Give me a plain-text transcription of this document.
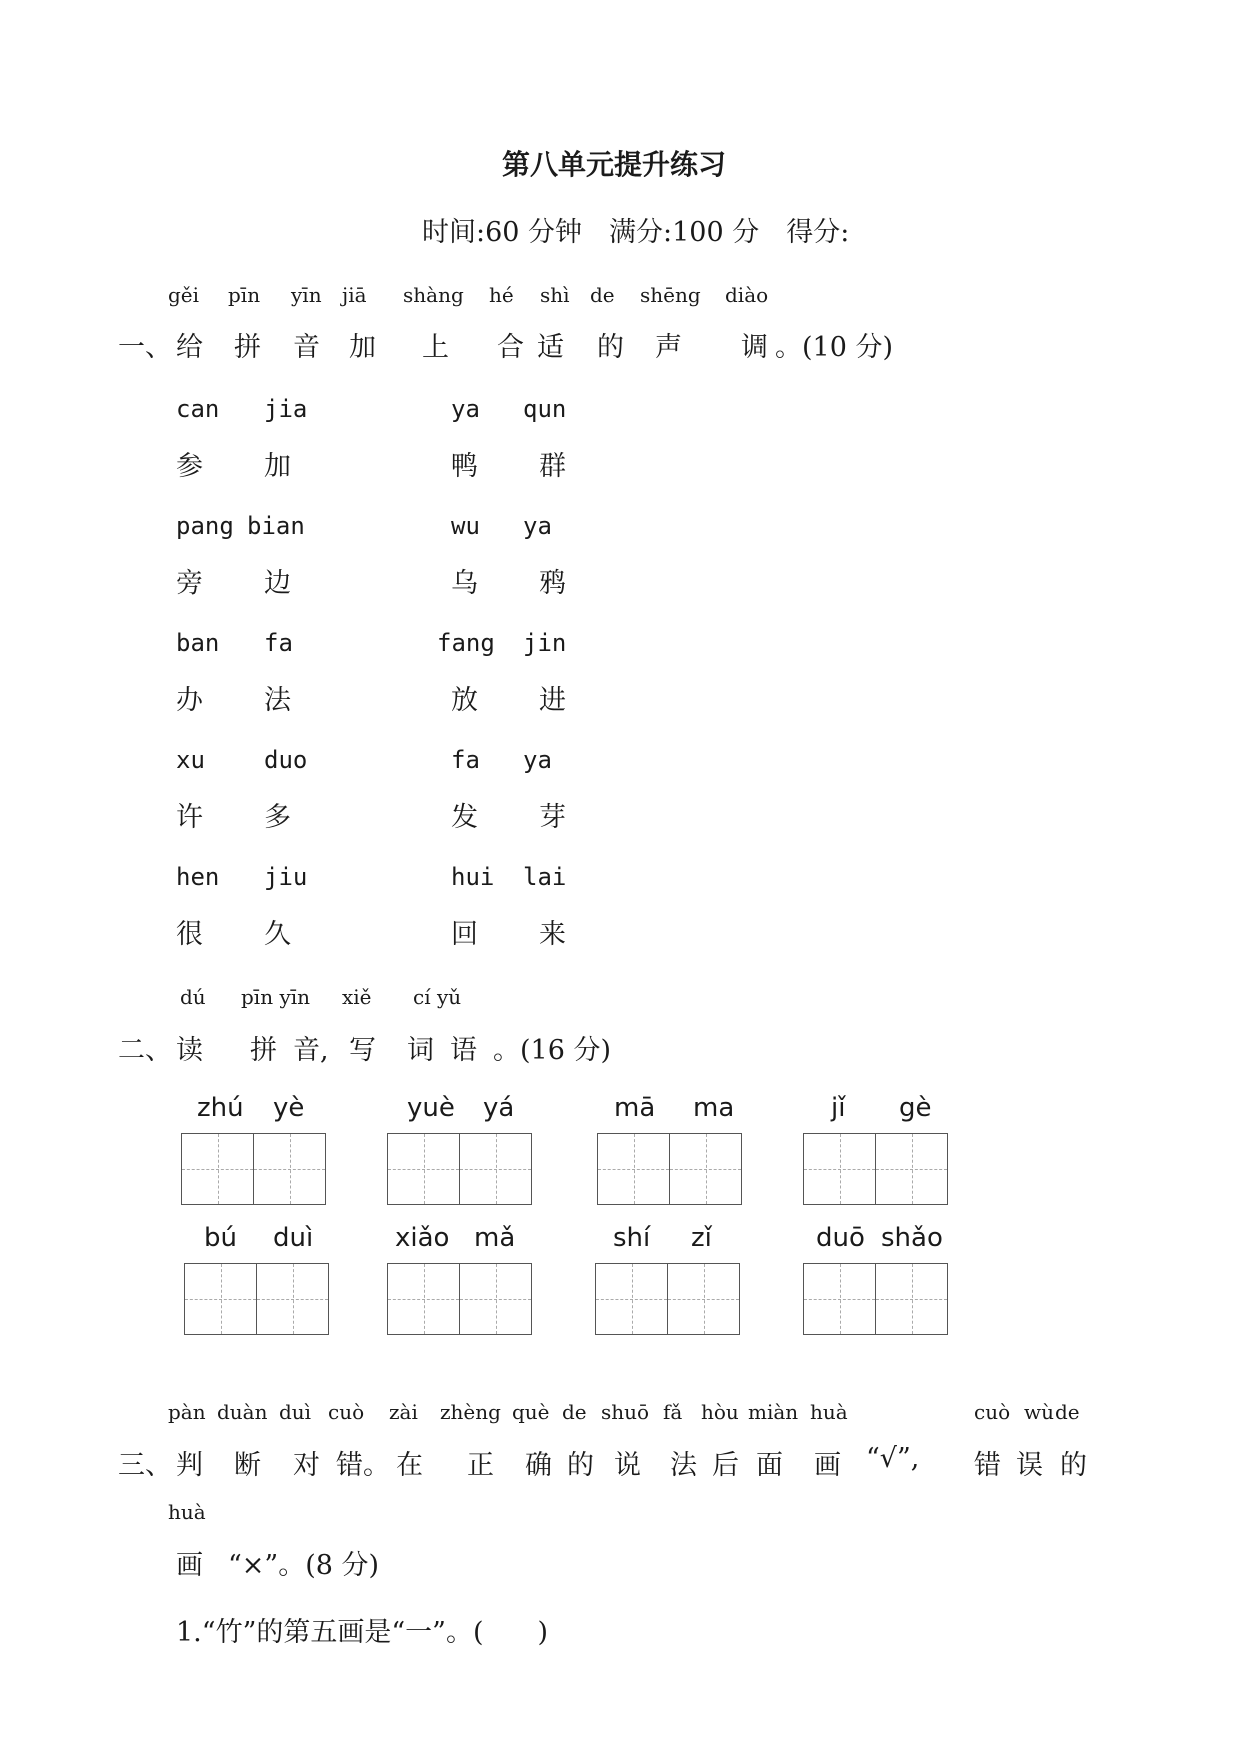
第八单元提升练习
时间:60 分钟　满分:100 分　得分:
gěi pīn yīn jiā shàng hé shì de shēng diào
一、 给 拼 音 加 上 合 适 的 声 调 。(10 分)
can jia
参 加
ya qun
鸭 群
pang bian
旁 边
wu ya
乌 鸦
ban fa
办 法
fang jin
放 进
xu duo
许 多
fa ya
发 芽
hen jiu
很 久
hui lai
回 来
dú pīn yīn xiě cí yǔ
二、 读 拼 音, 写 词 语 。(16 分)
zhú yè	yuè yá	mā ma	jǐ gè
bú duì	xiǎo mǎ	shí zǐ	duō shǎo
pàn duàn duì cuò zài zhèng què de shuō fǎ hòu miàn huà	cuò wù de
三、 判 断 对 错。 在 正 确 的 说 法 后 面 画 “√”, 错 误 的
huà
画 “×”。(8 分)
1.“竹”的第五画是“一”。(　　)
